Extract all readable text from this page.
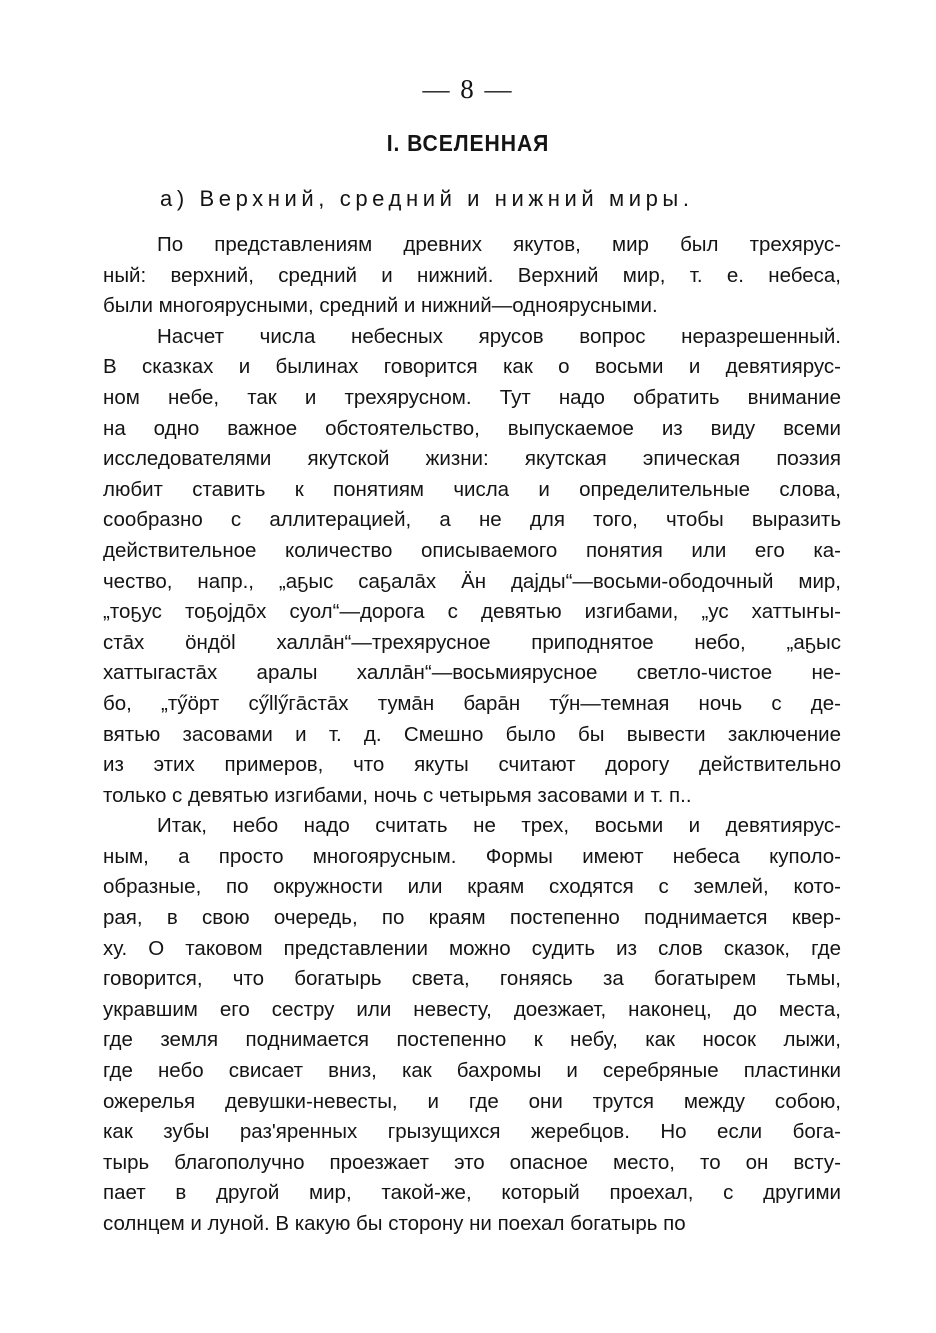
— 8 —
I. ВСЕЛЕННАЯ
а) Верхний, средний и нижний миры.
По представлениям древних якутов, мир был трехярус-
ный: верхний, средний и нижний. Верхний мир, т. е. небеса,
были многоярусными, средний и нижний—одноярусными.
Насчет числа небесных ярусов вопрос неразрешенный.
В сказках и былинах говорится как о восьми и девятиярус-
ном небе, так и трехярусном. Тут надо обратить внимание
на одно важное обстоятельство, выпускаемое из виду всеми
исследователями якутской жизни: якутская эпическая поэзия
любит ставить к понятиям числа и определительные слова,
сообразно с аллитерацией, а не для того, чтобы выразить
действительное количество описываемого понятия или его ка-
чество, напр., „аҕыс саҕалāх Ӓн дајды“—восьми-ободочный мир,
„тоҕус тоҕојдōх суол“—дорога с девятью изгибами, „ус хаттыҥы-
стāх ӧндӧl халлāн“—трехярусное приподнятое небо, „аҕыс
хаттыгастāх аралы халлāн“—восьмиярусное светло-чистое не-
бо, „тӳӧрт сӳllӳгāстāх тумāн барāн тӳн—темная ночь с де-
вятью засовами и т. д. Смешно было бы вывести заключение
из этих примеров, что якуты считают дорогу действительно
только с девятью изгибами, ночь с четырьмя засовами и т. п..
Итак, небо надо считать не трех, восьми и девятиярус-
ным, а просто многоярусным. Формы имеют небеса куполо-
образные, по окружности или краям сходятся с землей, кото-
рая, в свою очередь, по краям постепенно поднимается квер-
ху. О таковом представлении можно судить из слов сказок, где
говорится, что богатырь света, гоняясь за богатырем тьмы,
укравшим его сестру или невесту, доезжает, наконец, до места,
где земля поднимается постепенно к небу, как носок лыжи,
где небо свисает вниз, как бахромы и серебряные пластинки
ожерелья девушки-невесты, и где они трутся между собою,
как зубы раз'яренных грызущихся жеребцов. Но если бога-
тырь благополучно проезжает это опасное место, то он всту-
пает в другой мир, такой-же, который проехал, с другими
солнцем и луной. В какую бы сторону ни поехал богатырь по
